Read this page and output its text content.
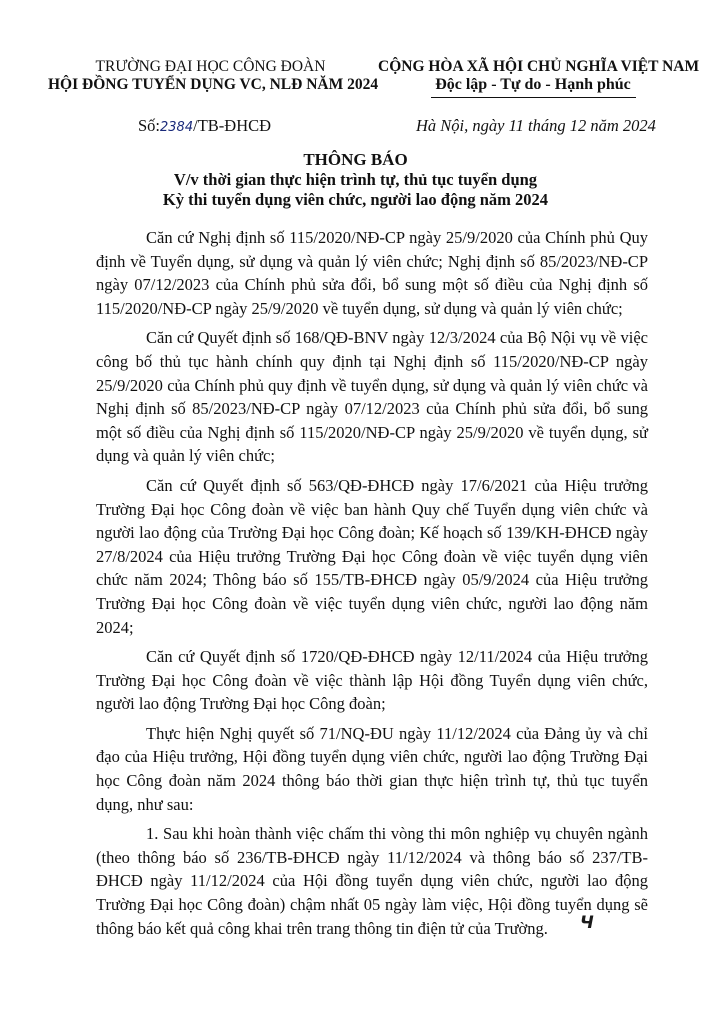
TRƯỜNG ĐẠI HỌC CÔNG ĐOÀN
HỘI ĐỒNG TUYỂN DỤNG VC, NLĐ NĂM 2024
CỘNG HÒA XÃ HỘI CHỦ NGHĨA VIỆT NAM
Độc lập - Tự do - Hạnh phúc
Số:2384/TB-ĐHCĐ	Hà Nội, ngày 11 tháng 12 năm 2024
THÔNG BÁO
V/v thời gian thực hiện trình tự, thủ tục tuyển dụng
Kỳ thi tuyển dụng viên chức, người lao động năm 2024

Căn cứ Nghị định số 115/2020/NĐ-CP ngày 25/9/2020 của Chính phủ Quy định về Tuyển dụng, sử dụng và quản lý viên chức; Nghị định số 85/2023/NĐ-CP ngày 07/12/2023 của Chính phủ sửa đổi, bổ sung một số điều của Nghị định số 115/2020/NĐ-CP ngày 25/9/2020 về tuyển dụng, sử dụng và quản lý viên chức;

Căn cứ Quyết định số 168/QĐ-BNV ngày 12/3/2024 của Bộ Nội vụ về việc công bố thủ tục hành chính quy định tại Nghị định số 115/2020/NĐ-CP ngày 25/9/2020 của Chính phủ quy định về tuyển dụng, sử dụng và quản lý viên chức và Nghị định số 85/2023/NĐ-CP ngày 07/12/2023 của Chính phủ sửa đổi, bổ sung một số điều của Nghị định số 115/2020/NĐ-CP ngày 25/9/2020 về tuyển dụng, sử dụng và quản lý viên chức;

Căn cứ Quyết định số 563/QĐ-ĐHCĐ ngày 17/6/2021 của Hiệu trưởng Trường Đại học Công đoàn về việc ban hành Quy chế Tuyển dụng viên chức và người lao động của Trường Đại học Công đoàn; Kế hoạch số 139/KH-ĐHCĐ ngày 27/8/2024 của Hiệu trưởng Trường Đại học Công đoàn về việc tuyển dụng viên chức năm 2024; Thông báo số 155/TB-ĐHCĐ ngày 05/9/2024 của Hiệu trưởng Trường Đại học Công đoàn về việc tuyển dụng viên chức, người lao động năm 2024;

Căn cứ Quyết định số 1720/QĐ-ĐHCĐ ngày 12/11/2024 của Hiệu trưởng Trường Đại học Công đoàn về việc thành lập Hội đồng Tuyển dụng viên chức, người lao động Trường Đại học Công đoàn;

Thực hiện Nghị quyết số 71/NQ-ĐU ngày 11/12/2024 của Đảng ủy và chỉ đạo của Hiệu trưởng, Hội đồng tuyển dụng viên chức, người lao động Trường Đại học Công đoàn năm 2024 thông báo thời gian thực hiện trình tự, thủ tục tuyển dụng, như sau:

1. Sau khi hoàn thành việc chấm thi vòng thi môn nghiệp vụ chuyên ngành (theo thông báo số 236/TB-ĐHCĐ ngày 11/12/2024 và thông báo số 237/TB-ĐHCĐ ngày 11/12/2024 của Hội đồng tuyển dụng viên chức, người lao động Trường Đại học Công đoàn) chậm nhất 05 ngày làm việc, Hội đồng tuyển dụng sẽ thông báo kết quả công khai trên trang thông tin điện tử của Trường.	Ɥ
